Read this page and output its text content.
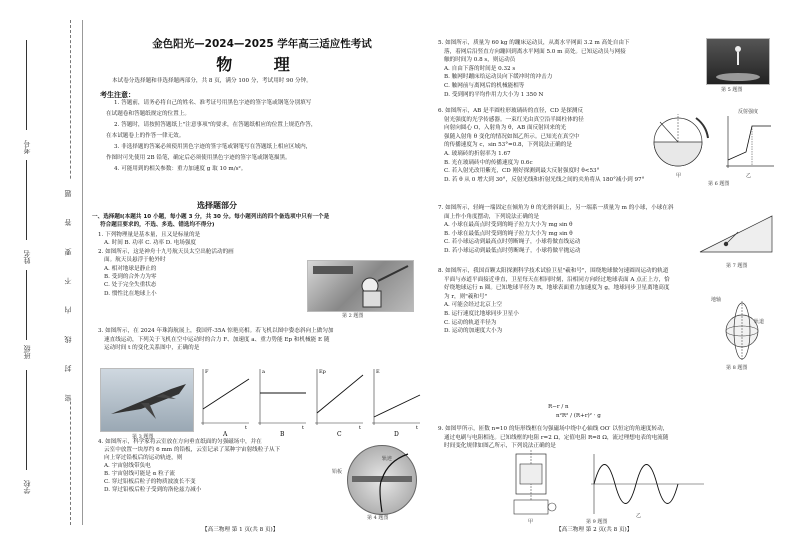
考号
姓名
班级
学校
密 封 线 内 不 要 答 题
金色阳光—2024—2025 学年高三适应性考试
物 理
本试卷分选择题和非选择题两部分，共 8 页，满分 100 分，考试用时 90 分钟。
考生注意：
1. 答题前，请务必将自己的姓名、准考证号用黑色字迹的签字笔或钢笔分别填写
在试题卷和答题纸规定的位置上。
2. 答题时，请按照答题纸上"注意事项"的要求，在答题纸相应的位置上规范作答，
在本试题卷上的作答一律无效。
3. 非选择题的答案必须使用黑色字迹的签字笔或钢笔写在答题纸上相应区域内，
作图时可先使用 2B 铅笔，确定后必须使用黑色字迹的签字笔或钢笔描黑。
4. 可能用到的相关参数：重力加速度 g 取 10 m/s²。
选择题部分
一、选择题Ⅰ(本题共 10 小题，每小题 3 分，共 30 分。每小题列出的四个备选项中只有一个是
符合题目要求的，不选、多选、错选均不得分)
1. 下列物理量是基本量，且又是标量的是
A. 时间 B. 功率 C. 功率 D. 电场强度
2. 如图所示，这是神舟十九号航天员太空出舱活动的画
面。航天员悬浮于舱外时
A. 相对地球是静止的
B. 受到的合外力为零
C. 处于完全失重状态
D. 惯性比在地球上小
3. 如图所示，在 2024 年珠海航展上，我国歼-35A 惊艳亮相。若飞机以图中姿态斜向上做匀加
速直线运动，下列关于飞机在空中运动时的合力 F、加速度 a、重力势能 Ep 和机械能 E 随
运动时间 t 的变化关系图中，正确的是
4. 如图所示，科学家将云室放在方向垂直纸面的匀强磁场中，并在
云室中放置一块厚约 6 mm 的铅板，云室记录了某种宇宙射线粒子从下
向上穿过铅板后的运动轨迹，则
A. 宇宙射线带负电
B. 宇宙射线可能是 α 粒子流
C. 穿过铅板后粒子的物质波波长不变
D. 穿过铅板后粒子受到的洛伦兹力减小
第 2 题图
第 3 题图
F
t
A
a
t
B
Ep
t
C
E
t
D
铅板
轨迹
第 4 题图
【高三物理 第 1 页(共 8 页)】
5. 如图所示，质量为 60 kg 的蹦床运动员，从离水平网面 3.2 m 高处自由下
落，着网后沿竖直方向蹦回到离水平网面 5.0 m 高处。已知运动员与网接
触的时间为 0.8 s，则运动员
A. 自由下落的时间是 0.32 s
B. 触网时蹦床给运动员向下缓冲时的冲击力
C. 触网前与离网后的机械能相等
D. 受到网的平均作用力大小为 1 350 N
6. 如图所示，AB 是半圆柱形玻璃砖的直径，CD 是探测反
射光强度的光学传感器。一束红光由真空沿半圆柱体的径
向射向圆心 O，入射角为 θ，AB 面反射回来的光
强随入射角 θ 变化的情况如图乙所示。已知光在真空中
的传播速度为 c，sin 53°=0.8，下列说法正确的是
A. 玻璃砖的折射率为 1.67
B. 光在玻璃砖中的传播速度为 0.6c
C. 若入射光改用紫光，CD 刚好探测到最大反射强度时 θ<53°
D. 若 θ 从 0 增大到 30°，反射光线和折射光线之间的夹角将从 180°减小到 97°
7. 如图所示，轻绳一端固定在倾角为 θ 的光滑斜面上，另一端系一质量为 m 的小球，小球在斜
面上作小角度摆动，下列说法正确的是
A. 小球在最高点时受到的绳子拉力大小为 mg sin θ
B. 小球在最低点时受到的绳子拉力大小为 mg sin θ
C. 若小球运动到最高点时剪断绳子，小球将做直线运动
D. 若小球运动到最低点时剪断绳子，小球将做平抛运动
8. 如图所示，我国首颗太阳探测科学技术试验卫星"羲和号"，围绕地球做匀速圆周运动的轨道
平面与赤道平面接近垂直，卫星每天在相同时刻，沿相同方向经过地球表面 A 点正上方，恰
好绕地球运行 n 圈。已知地球半径为 R，地球表面重力加速度为 g，地球同步卫星离地高度
为 r，则"羲和号"
A. 可能会经过北京上空
B. 运行速度比地球同步卫星小
C. 运动的轨道半径为
D. 运动的加速度大小为
9. 如图甲所示，匝数 n=10 的矩形线框在匀强磁场中绕中心轴线 OO′ 以恒定的角速度转动，
通过电刷与电阻相连。已知线框的电阻 r=2 Ω，定值电阻 R=8 Ω，流过理想电表的电流随
时间变化规律如图乙所示，下列说法正确的是
第 5 题图
反射强度
甲	乙
第 6 题图
第 7 题图
地轴
轨道
第 8 题图
R−r / n
n²R² / (R+r)² · g
甲
乙
第 9 题图
【高三物理 第 2 页(共 8 页)】
